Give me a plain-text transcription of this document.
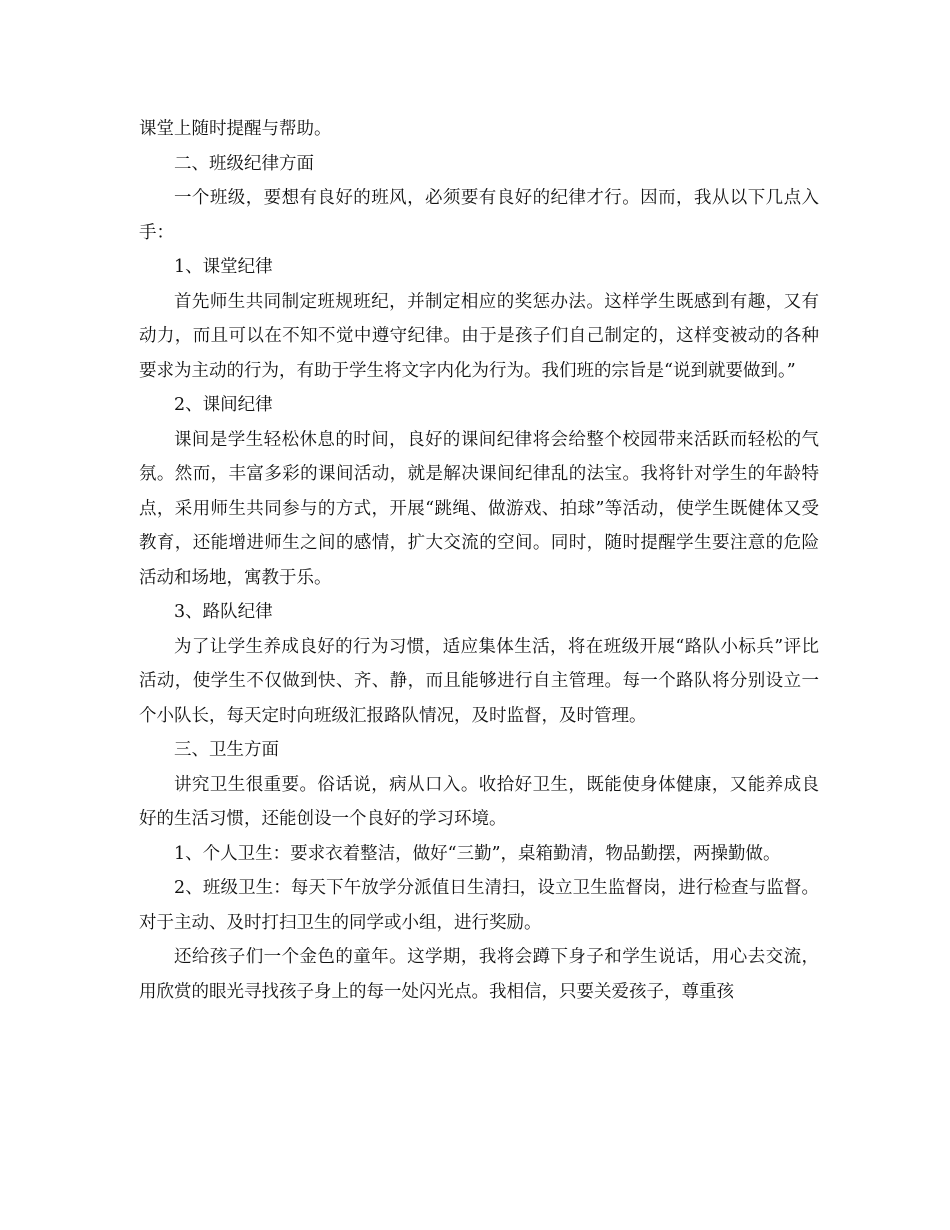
课堂上随时提醒与帮助。

二、班级纪律方面

一个班级，要想有良好的班风，必须要有良好的纪律才行。因而，我从以下几点入手：

1、课堂纪律

首先师生共同制定班规班纪，并制定相应的奖惩办法。这样学生既感到有趣，又有动力，而且可以在不知不觉中遵守纪律。由于是孩子们自己制定的，这样变被动的各种要求为主动的行为，有助于学生将文字内化为行为。我们班的宗旨是“说到就要做到。”

2、课间纪律

课间是学生轻松休息的时间，良好的课间纪律将会给整个校园带来活跃而轻松的气氛。然而，丰富多彩的课间活动，就是解决课间纪律乱的法宝。我将针对学生的年龄特点，采用师生共同参与的方式，开展“跳绳、做游戏、拍球”等活动，使学生既健体又受教育，还能增进师生之间的感情，扩大交流的空间。同时，随时提醒学生要注意的危险活动和场地，寓教于乐。

3、路队纪律

为了让学生养成良好的行为习惯，适应集体生活，将在班级开展“路队小标兵”评比活动，使学生不仅做到快、齐、静，而且能够进行自主管理。每一个路队将分别设立一个小队长，每天定时向班级汇报路队情况，及时监督，及时管理。

三、卫生方面

讲究卫生很重要。俗话说，病从口入。收拾好卫生，既能使身体健康，又能养成良好的生活习惯，还能创设一个良好的学习环境。

1、个人卫生：要求衣着整洁，做好“三勤”，桌箱勤清，物品勤摆，两操勤做。

2、班级卫生：每天下午放学分派值日生清扫，设立卫生监督岗，进行检查与监督。对于主动、及时打扫卫生的同学或小组，进行奖励。

还给孩子们一个金色的童年。这学期，我将会蹲下身子和学生说话，用心去交流，用欣赏的眼光寻找孩子身上的每一处闪光点。我相信，只要关爱孩子，尊重孩
